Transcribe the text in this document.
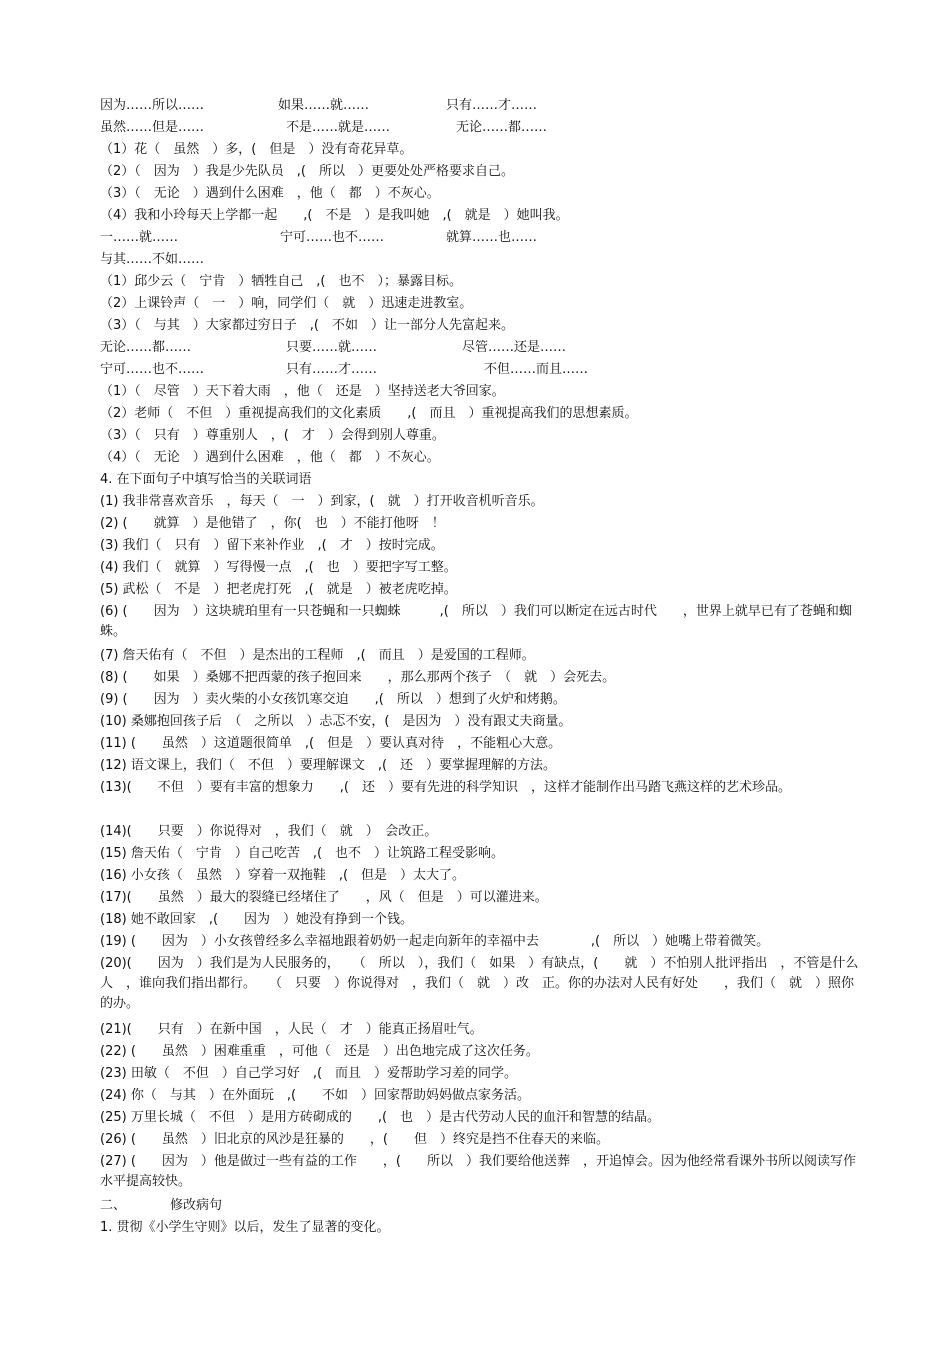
因为……所以……	如果……就……	只有……才……
虽然……但是……	不是……就是……	无论……都……
（1）花（　虽然　）多，(　但是　）没有奇花异草。
（2）（　因为　）我是少先队员　,(　所以　）更要处处严格要求自己。
（3）（　无论　）遇到什么困难　，他（　都　）不灰心。
（4）我和小玲每天上学都一起　　,(　不是　）是我叫她　,(　就是　）她叫我。
一……就……	宁可……也不……	就算……也……
与其……不如……
（1）邱少云（　宁肯　）牺牲自己　,(　也不　）；暴露目标。
（2）上课铃声（　一　）响，同学们（　就　）迅速走进教室。
（3）（　与其　）大家都过穷日子　,(　不如　）让一部分人先富起来。
无论……都……	只要……就……	尽管……还是……
宁可……也不……	只有……才……	不但……而且……
（1）（　尽管　）天下着大雨　，他（　还是　）坚持送老大爷回家。
（2）老师（　不但　）重视提高我们的文化素质　　,(　而且　）重视提高我们的思想素质。
（3）（　只有　）尊重别人　，(　才　）会得到别人尊重。
（4）（　无论　）遇到什么困难　，他（　都　）不灰心。
4. 在下面句子中填写恰当的关联词语
(1) 我非常喜欢音乐　，每天（　一　）到家，(　就　）打开收音机听音乐。
(2) (　　就算　）是他错了　，你(　也　）不能打他呀　！
(3) 我们（　只有　）留下来补作业　,(　才　）按时完成。
(4) 我们（　就算　）写得慢一点　,(　也　）要把字写工整。
(5) 武松（　不是　）把老虎打死　,(　就是　）被老虎吃掉。
(6) (　　因为　）这块琥珀里有一只苍蝇和一只蜘蛛　　　,(　所以　）我们可以断定在远古时代　　，世界上就早已有了苍蝇和蜘蛛。
(7) 詹天佑有（　不但　）是杰出的工程师　,(　而且　）是爱国的工程师。
(8) (　　如果　）桑娜不把西蒙的孩子抱回来　　，那么那两个孩子　（　就　）会死去。
(9) (　　因为　）卖火柴的小女孩饥寒交迫　　,(　所以　）想到了火炉和烤鹅。
(10) 桑娜抱回孩子后　（　之所以　）忐忑不安，(　是因为　）没有跟丈夫商量。
(11) (　　虽然　）这道题很简单　,(　但是　）要认真对待　，不能粗心大意。
(12) 语文课上，我们（　不但　）要理解课文　,(　还　）要掌握理解的方法。
(13)(　　不但　）要有丰富的想象力　　,(　还　）要有先进的科学知识　，这样才能制作出马踏飞燕这样的艺术珍品。
(14)(　　只要　）你说得对　，我们（　就　）　会改正。
(15) 詹天佑（　宁肯　）自己吃苦　,(　也不　）让筑路工程受影响。
(16) 小女孩（　虽然　）穿着一双拖鞋　,(　但是　）太大了。
(17)(　　虽然　）最大的裂缝已经堵住了　　，风（　但是　）可以灌进来。
(18) 她不敢回家　,(　　因为　）她没有挣到一个钱。
(19) (　　因为　）小女孩曾经多么幸福地跟着奶奶一起走向新年的幸福中去　　　　,(　所以　）她嘴上带着微笑。
(20)(　　因为　）我们是为人民服务的，　　（　所以　），我们（　如果　）有缺点，(　　就　）不怕别人批评指出　，不管是什么人　，谁向我们指出都行。　　（　只要　）你说得对　，我们（　就　）改　正。你的办法对人民有好处　　，我们（　就　）照你的办。
(21)(　　只有　）在新中国　，人民（　才　）能真正扬眉吐气。
(22) (　　虽然　）困难重重　，可他（　还是　）出色地完成了这次任务。
(23) 田敏（　不但　）自己学习好　,(　而且　）爱帮助学习差的同学。
(24) 你（　与其　）在外面玩　,(　　不如　）回家帮助妈妈做点家务活。
(25) 万里长城（　不但　）是用方砖砌成的　　,(　也　）是古代劳动人民的血汗和智慧的结晶。
(26) (　　虽然　）旧北京的风沙是狂暴的　　，(　　但　）终究是挡不住春天的来临。
(27) (　　因为　）他是做过一些有益的工作　　，(　　所以　）我们要给他送葬　，开追悼会。因为他经常看课外书所以阅读写作水平提高较快。
二、	修改病句
1. 贯彻《小学生守则》以后，发生了显著的变化。
